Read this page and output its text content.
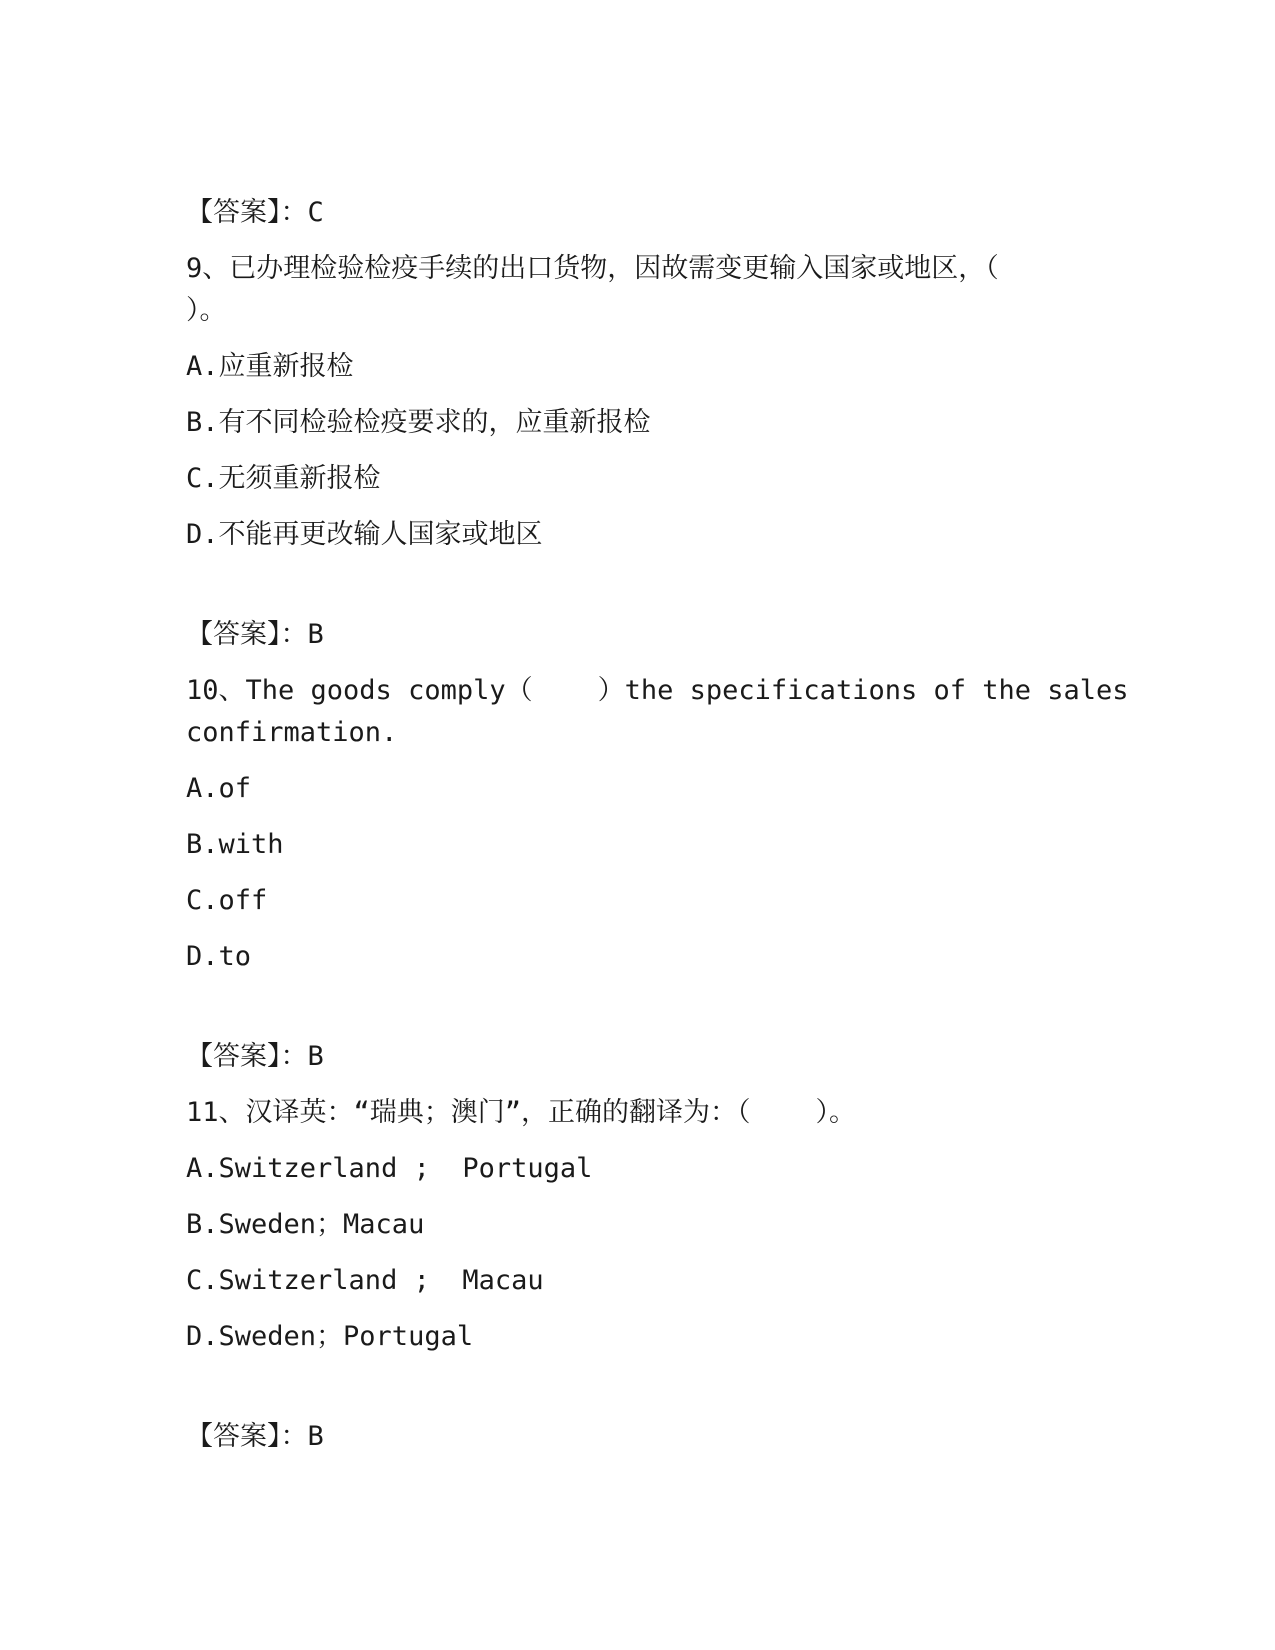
【答案】：C
9、已办理检验检疫手续的出口货物，因故需变更输入国家或地区，（
）。
A.应重新报检
B.有不同检验检疫要求的，应重新报检
C.无须重新报检
D.不能再更改输人国家或地区
【答案】：B
10、The goods comply（    ）the specifications of the sales
confirmation.
A.of
B.with
C.off
D.to
【答案】：B
11、汉译英：“瑞典；澳门”，正确的翻译为：（    ）。
A.Switzerland ;  Portugal
B.Sweden；Macau
C.Switzerland ;  Macau
D.Sweden；Portugal
【答案】：B
